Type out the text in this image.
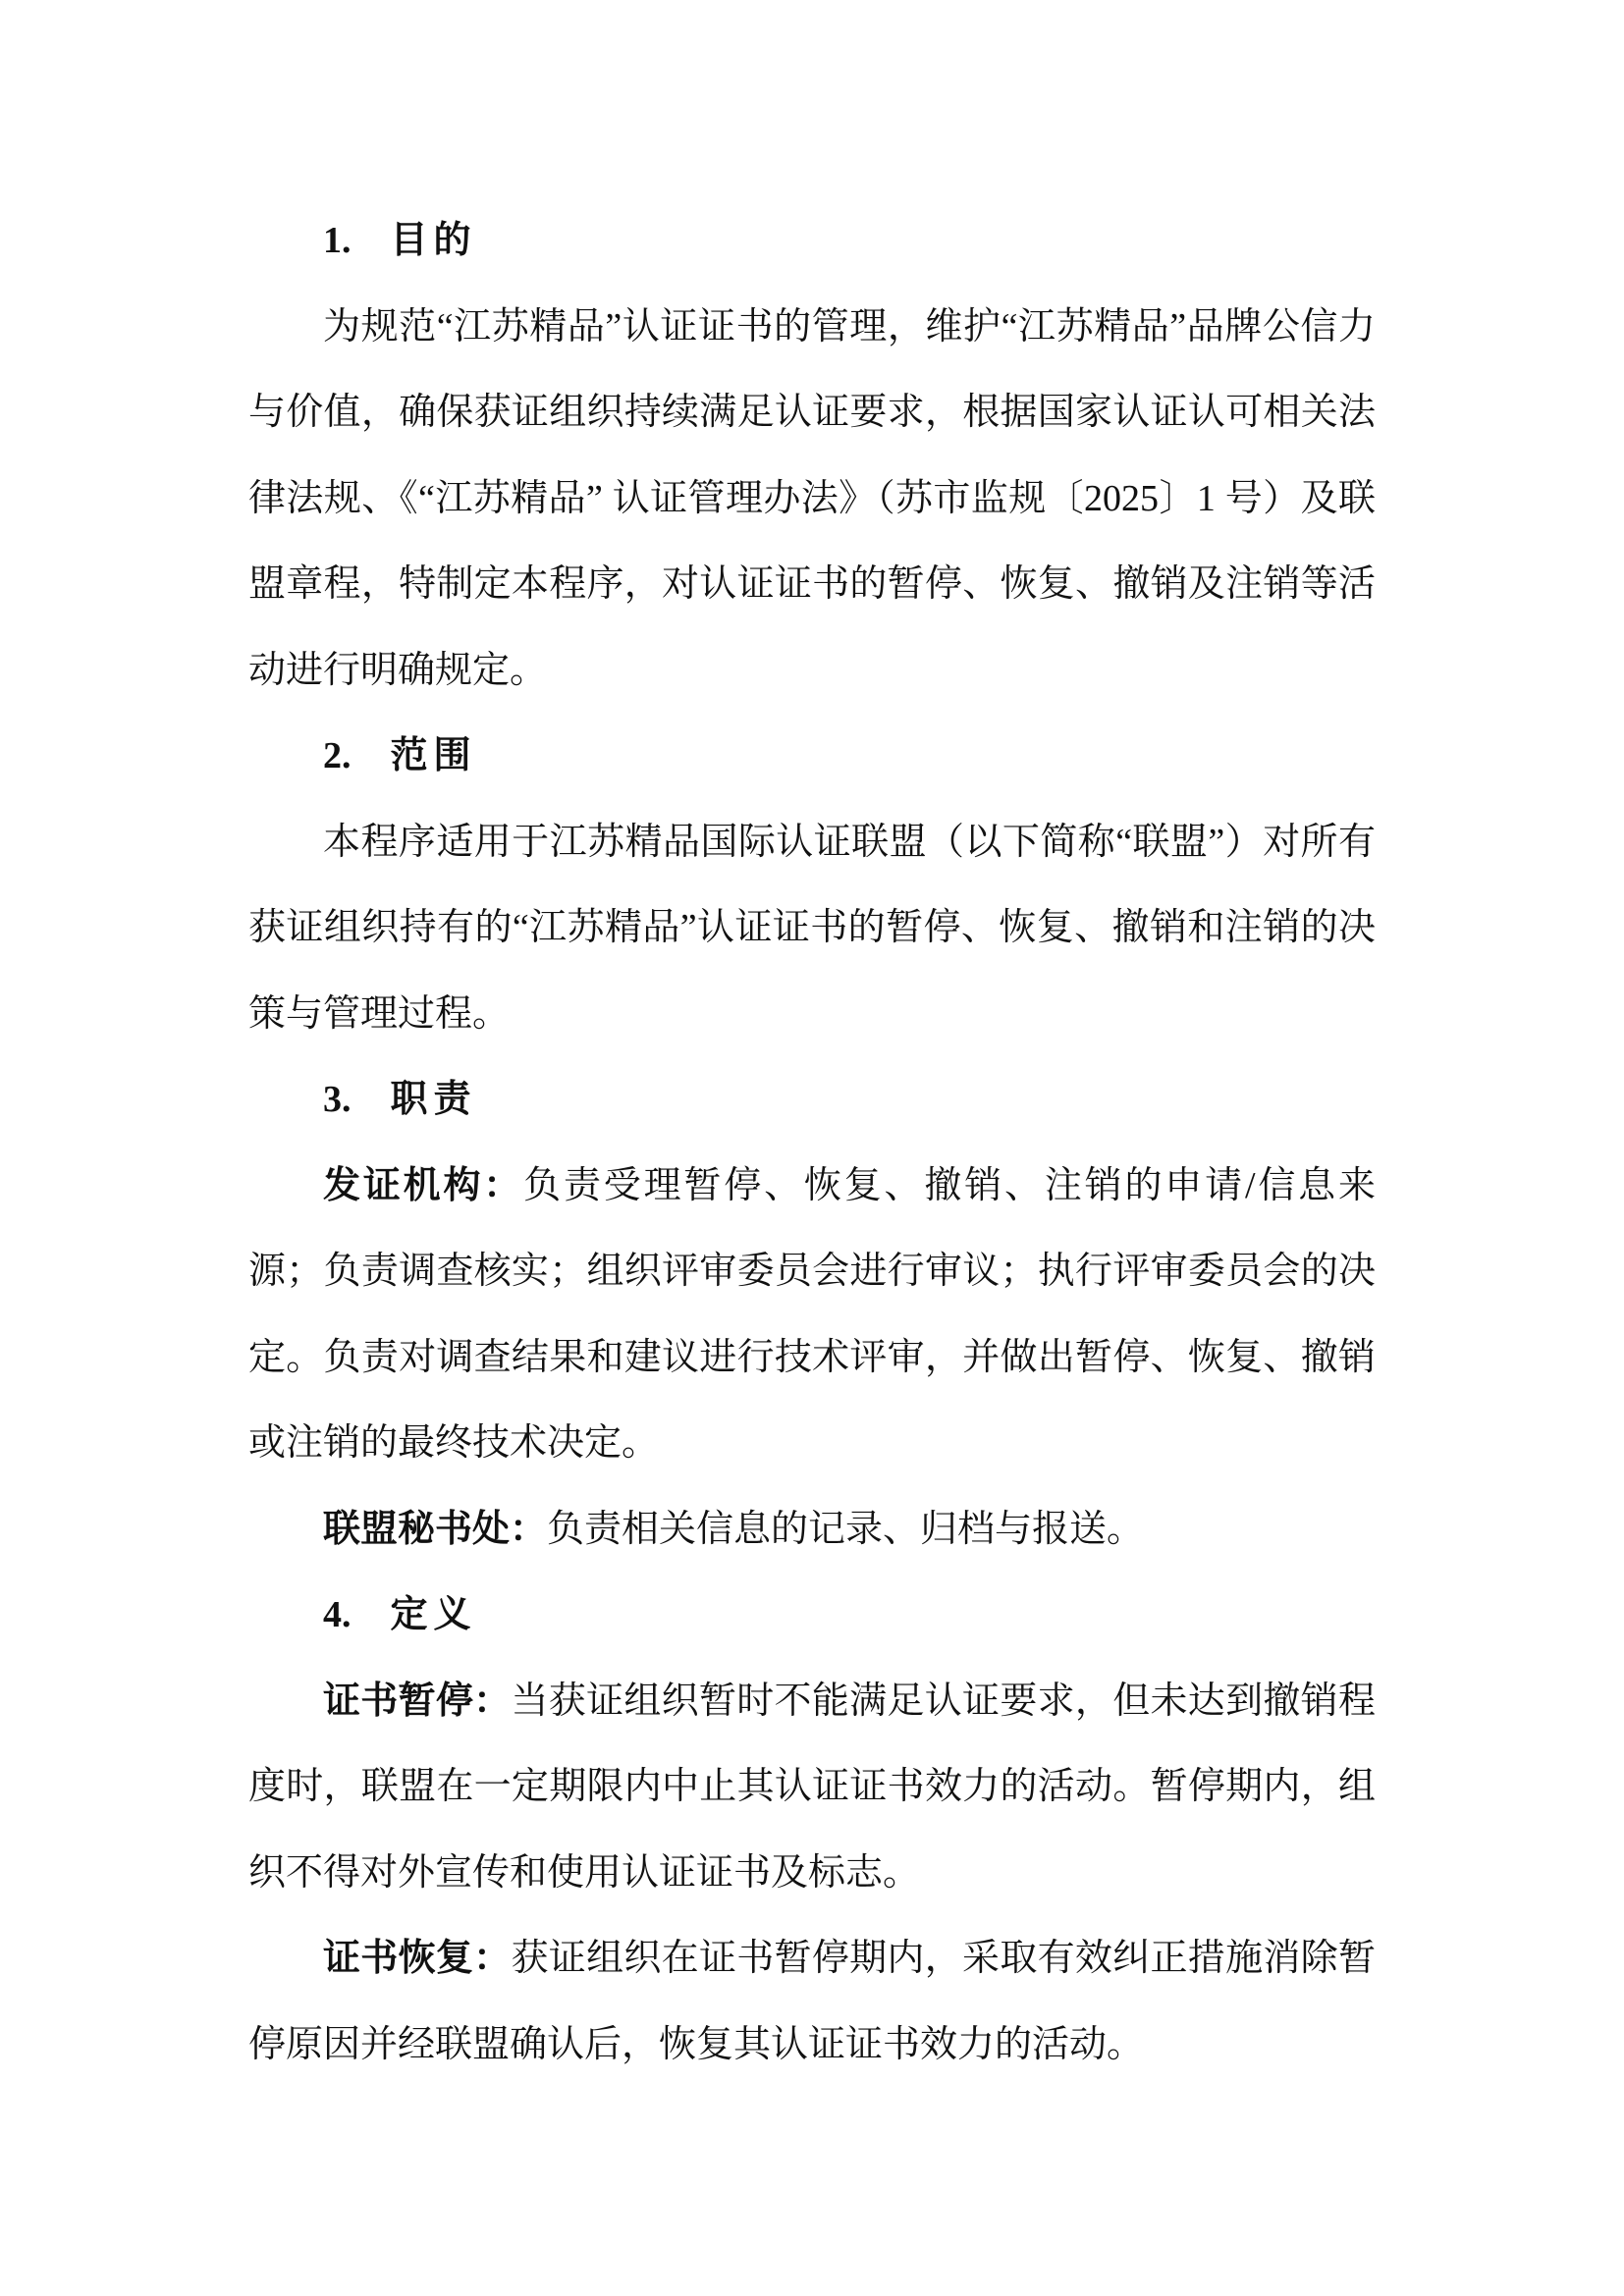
1. 目的

为规范“江苏精品”认证证书的管理，维护“江苏精品”品牌公信力与价值，确保获证组织持续满足认证要求，根据国家认证认可相关法律法规、《“江苏精品” 认证管理办法》（苏市监规〔2025〕1 号）及联盟章程，特制定本程序，对认证证书的暂停、恢复、撤销及注销等活动进行明确规定。

2. 范围

本程序适用于江苏精品国际认证联盟（以下简称“联盟”）对所有获证组织持有的“江苏精品”认证证书的暂停、恢复、撤销和注销的决策与管理过程。

3. 职责

发证机构：负责受理暂停、恢复、撤销、注销的申请/信息来源；负责调查核实；组织评审委员会进行审议；执行评审委员会的决定。负责对调查结果和建议进行技术评审，并做出暂停、恢复、撤销或注销的最终技术决定。

联盟秘书处：负责相关信息的记录、归档与报送。

4. 定义

证书暂停：当获证组织暂时不能满足认证要求，但未达到撤销程度时，联盟在一定期限内中止其认证证书效力的活动。暂停期内，组织不得对外宣传和使用认证证书及标志。

证书恢复：获证组织在证书暂停期内，采取有效纠正措施消除暂停原因并经联盟确认后，恢复其认证证书效力的活动。
